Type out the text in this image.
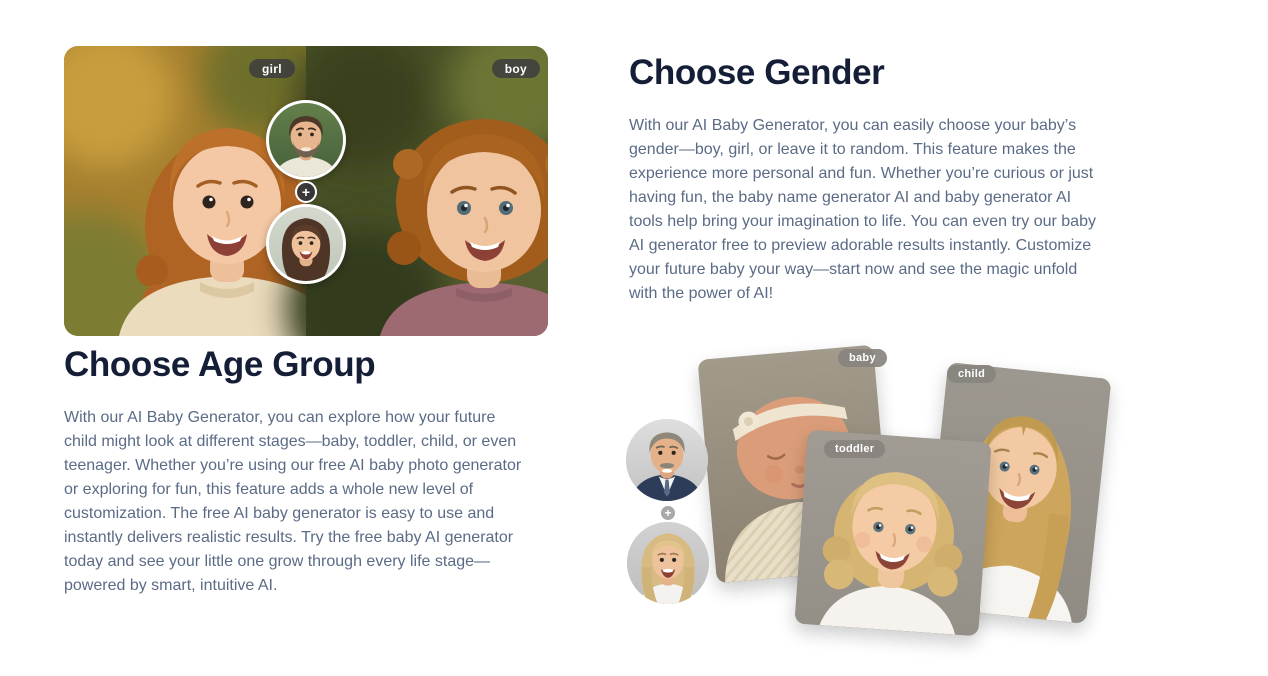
girl	boy
+
Choose Gender

With our AI Baby Generator, you can easily choose your baby’s gender—boy, girl, or leave it to random. This feature makes the experience more personal and fun. Whether you’re curious or just having fun, the baby name generator AI and baby generator AI tools help bring your imagination to life. You can even try our baby AI generator free to preview adorable results instantly. Customize your future baby your way—start now and see the magic unfold with the power of AI!

Choose Age Group

With our AI Baby Generator, you can explore how your future child might look at different stages—baby, toddler, child, or even teenager. Whether you’re using our free AI baby photo generator or exploring for fun, this feature adds a whole new level of customization. The free AI baby generator is easy to use and instantly delivers realistic results. Try the free baby AI generator today and see your little one grow through every life stage—powered by smart, intuitive AI.

+
baby
child
toddler
